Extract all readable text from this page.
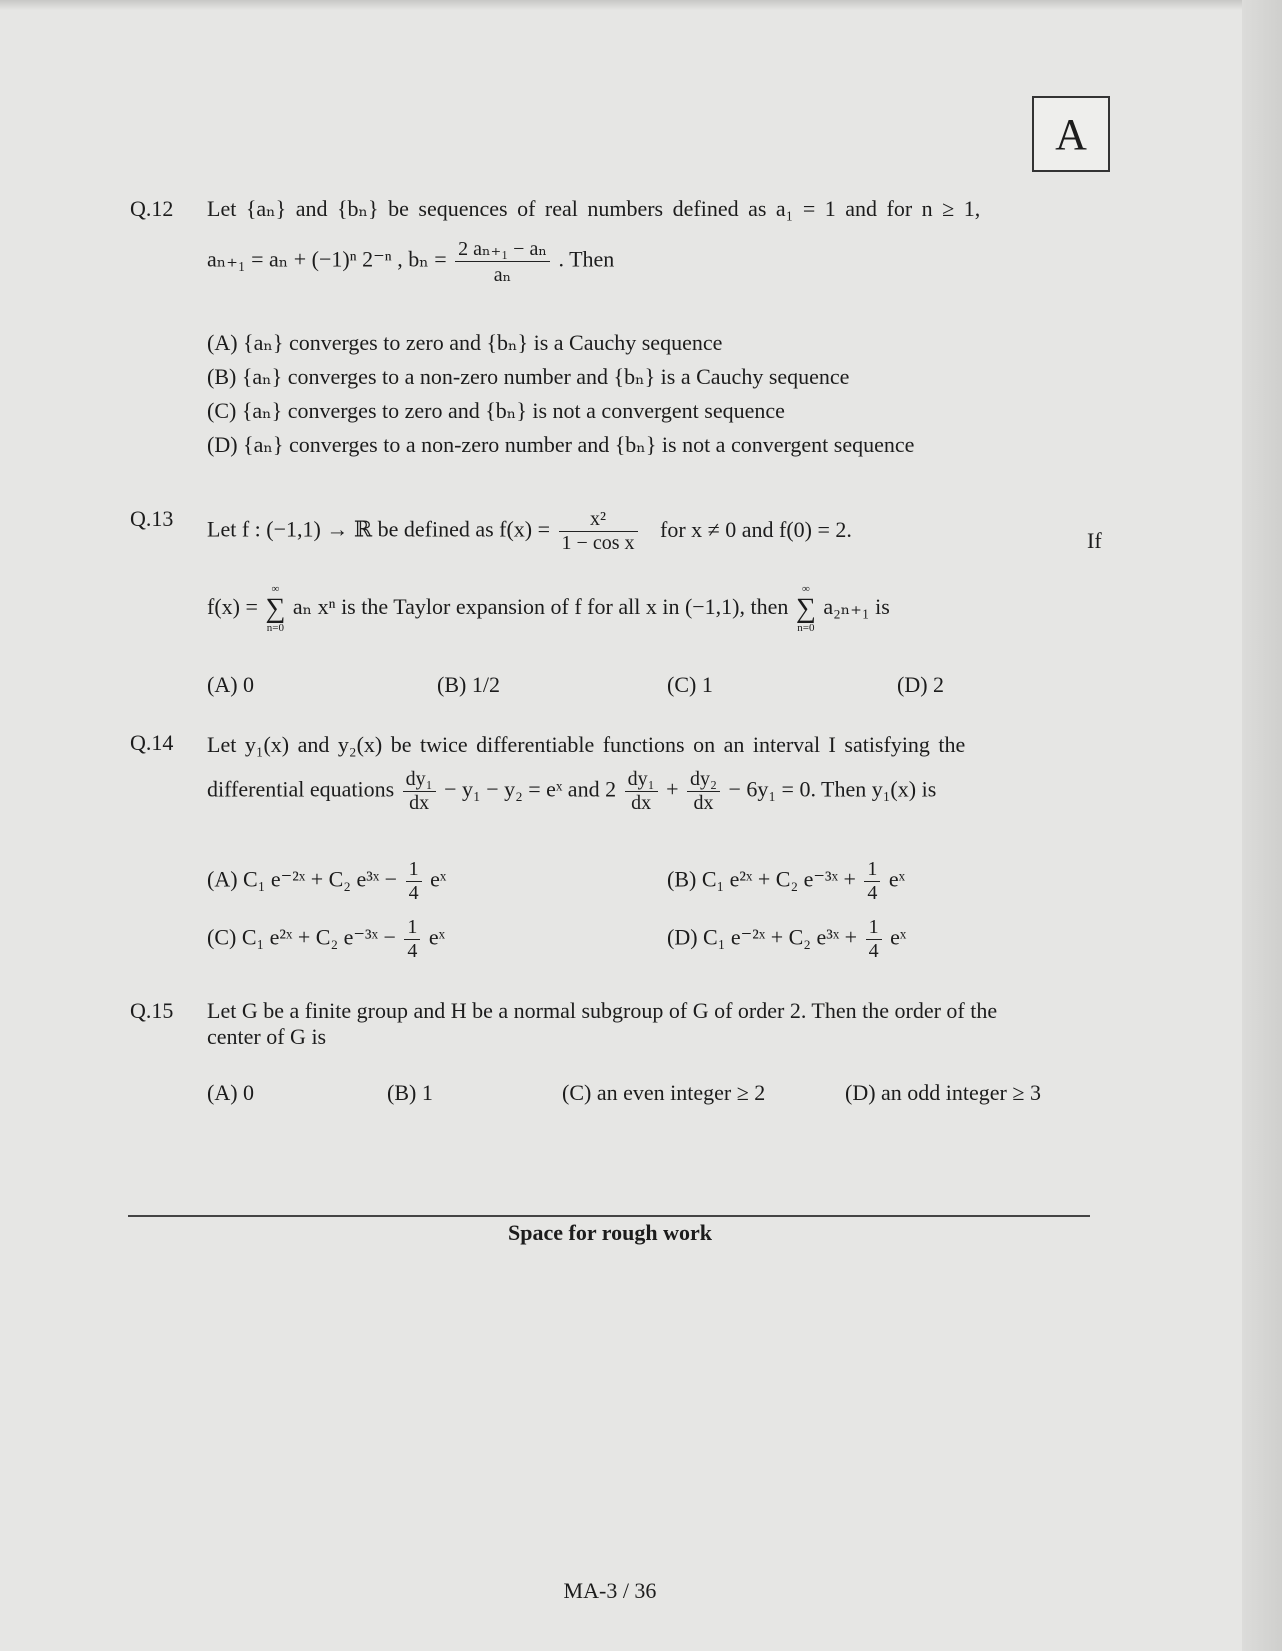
A
Q.12 Let {aₙ} and {bₙ} be sequences of real numbers defined as a₁ = 1 and for n ≥ 1,
aₙ₊₁ = aₙ + (−1)ⁿ 2⁻ⁿ , $b_n = \frac{\text{2 aₙ₊₁ − aₙ}}{\text{aₙ}}$ . Then
(A) {aₙ} converges to zero and {bₙ} is a Cauchy sequence
(B) {aₙ} converges to a non-zero number and {bₙ} is a Cauchy sequence
(C) {aₙ} converges to zero and {bₙ} is not a convergent sequence
(D) {aₙ} converges to a non-zero number and {bₙ} is not a convergent sequence
Q.13 Let f : (−1,1) → ℝ be defined as $f(x) = \frac{\text{x²}}{\text{1 − cos x}}$ for x ≠ 0 and f(0) = 2.	If
f(x) = ∞
∑
n=0 aₙ xⁿ is the Taylor expansion of f for all x in (−1,1), then ∞
∑
n=0 a₂ₙ₊₁ is
(A) 0	(B) 1/2	(C) 1	(D) 2
Q.14 Let y₁(x) and y₂(x) be twice differentiable functions on an interval I satisfying the
differential equations $\frac{\text{dy₁}}{dx} - y_1 - y_2$ = eˣ and $2 \frac{\text{dy₁}}{dx} + \frac{\text{dy₂}}{dx} - 6y_1 = 0$. Then y₁(x) is
(A) C₁ e⁻²ˣ + C₂ e³ˣ − $\frac{1}{4}$ eˣ	(B) C₁ e²ˣ + C₂ e⁻³ˣ + $\frac{1}{4}$ eˣ
(C) C₁ e²ˣ + C₂ e⁻³ˣ − $\frac{1}{4}$ eˣ	(D) C₁ e⁻²ˣ + C₂ e³ˣ + $\frac{1}{4}$ eˣ
Q.15 Let G be a finite group and H be a normal subgroup of G of order 2. Then the order of the
center of G is
(A) 0	(B) 1	(C) an even integer ≥ 2	(D) an odd integer ≥ 3
Space for rough work
MA-3 / 36
